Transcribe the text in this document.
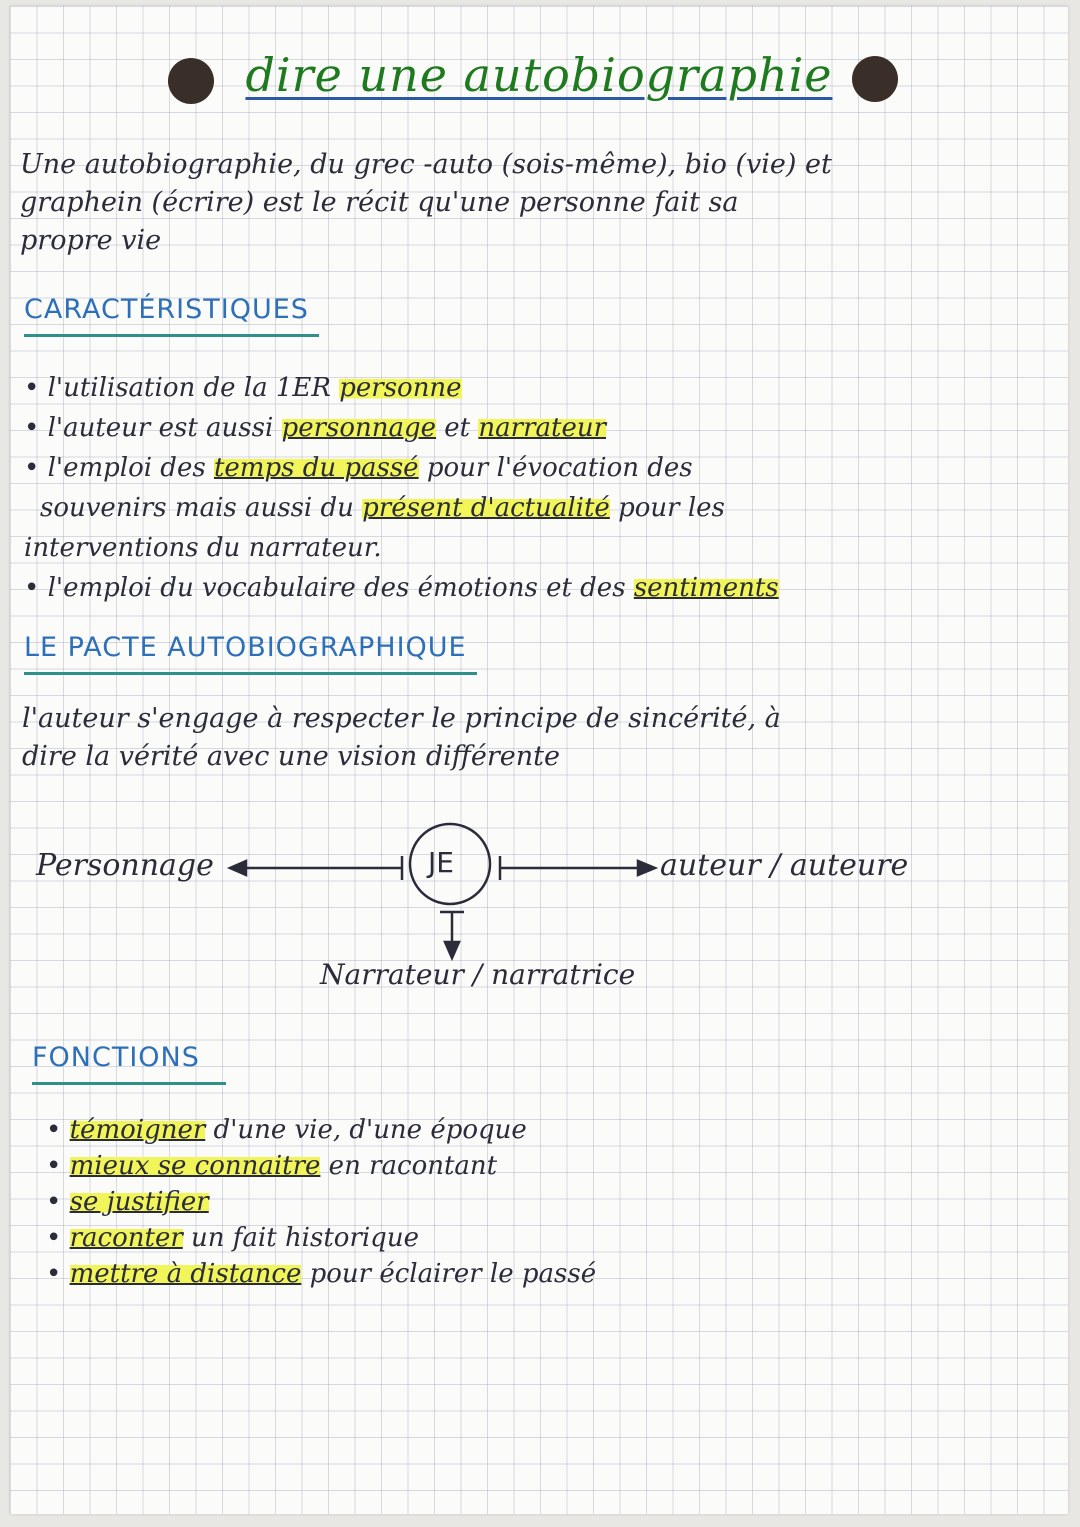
dire une autobiographie
Une autobiographie, du grec -auto (sois-même), bio (vie) et
graphein (écrire) est le récit qu'une personne fait sa
propre vie
CARACTÉRISTIQUES
• l'utilisation de la 1ER personne
• l'auteur est aussi personnage et narrateur
• l'emploi des temps du passé pour l'évocation des
souvenirs mais aussi du présent d'actualité pour les
interventions du narrateur.
• l'emploi du vocabulaire des émotions et des sentiments
LE PACTE AUTOBIOGRAPHIQUE
l'auteur s'engage à respecter le principe de sincérité, à
dire la vérité avec une vision différente
Personnage	JE	auteur / auteure
Narrateur / narratrice
FONCTIONS
• témoigner d'une vie, d'une époque
• mieux se connaitre en racontant
• se justifier
• raconter un fait historique
• mettre à distance pour éclairer le passé
